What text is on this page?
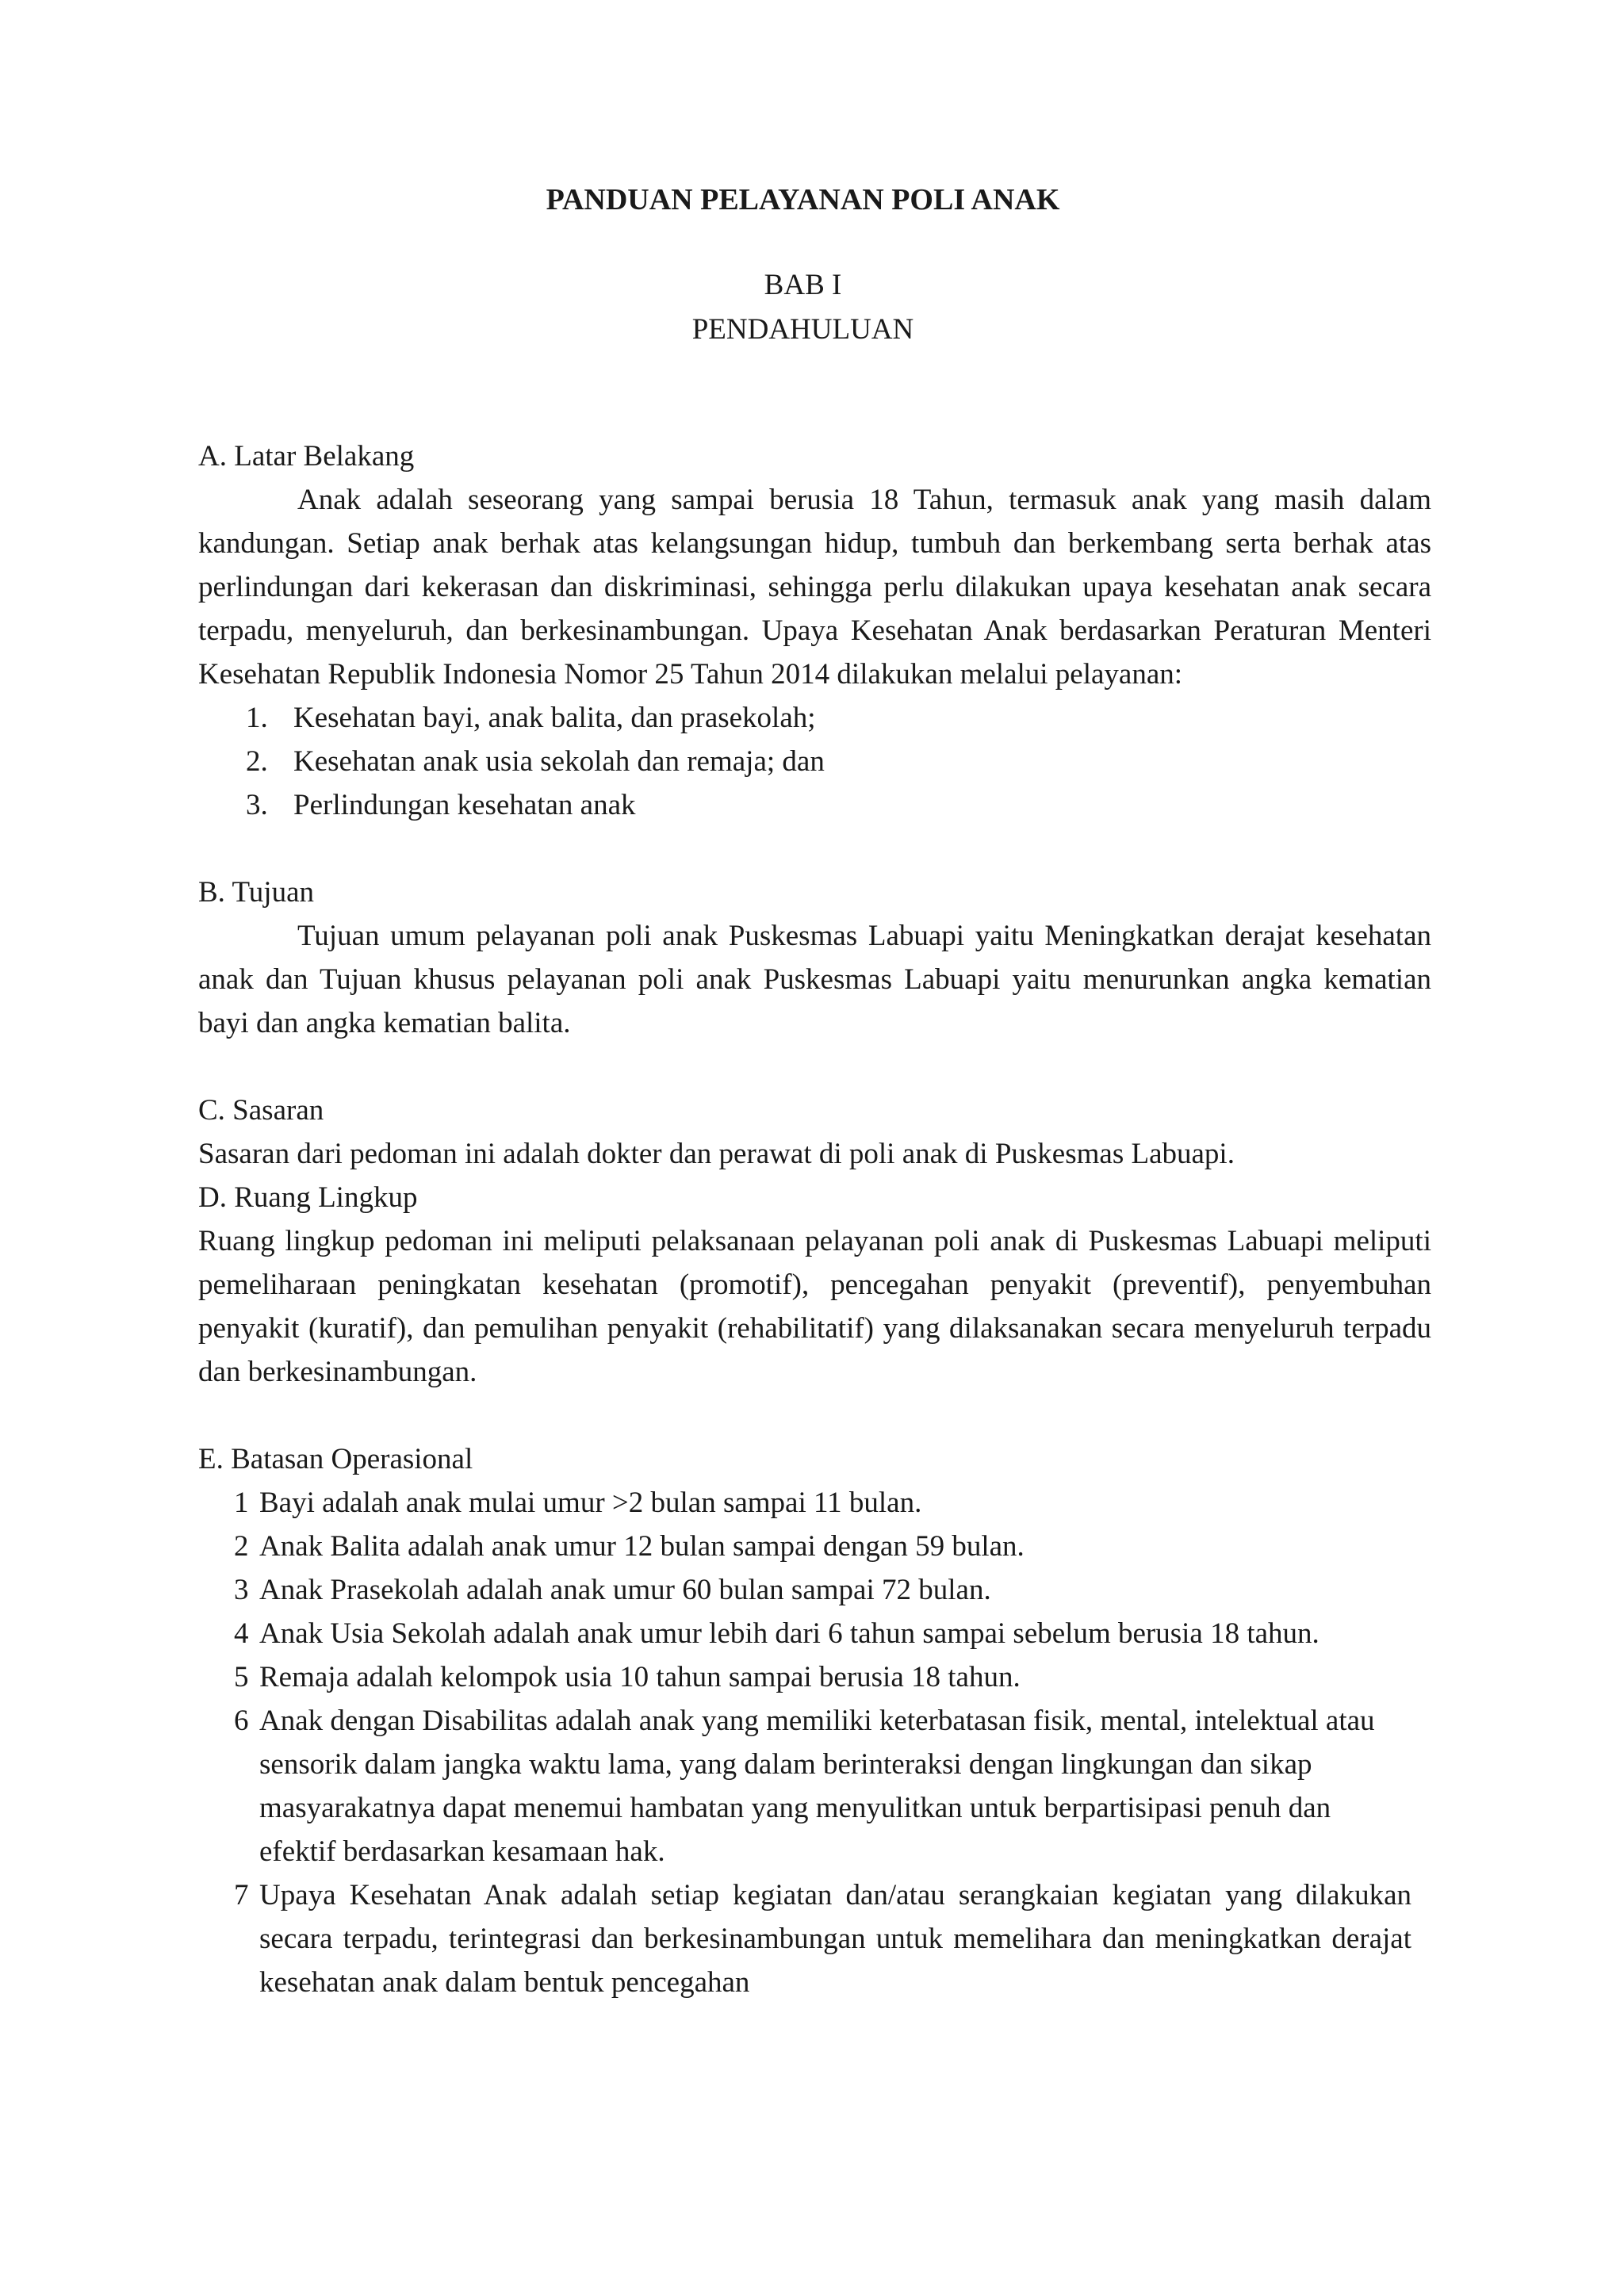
PANDUAN PELAYANAN POLI ANAK

BAB I
PENDAHULUAN

A. Latar Belakang

Anak adalah seseorang yang sampai berusia 18 Tahun, termasuk anak yang masih dalam kandungan. Setiap anak berhak atas kelangsungan hidup, tumbuh dan berkembang serta berhak atas perlindungan dari kekerasan dan diskriminasi, sehingga perlu dilakukan upaya kesehatan anak secara terpadu, menyeluruh, dan berkesinambungan. Upaya Kesehatan Anak berdasarkan Peraturan Menteri Kesehatan Republik Indonesia Nomor 25 Tahun 2014 dilakukan melalui pelayanan:

1. Kesehatan bayi, anak balita, dan prasekolah;
2. Kesehatan anak usia sekolah dan remaja; dan
3. Perlindungan kesehatan anak

B. Tujuan

Tujuan umum pelayanan poli anak Puskesmas Labuapi yaitu Meningkatkan derajat kesehatan anak dan Tujuan khusus pelayanan poli anak Puskesmas Labuapi yaitu menurunkan angka kematian bayi dan angka kematian balita.

C. Sasaran

Sasaran dari pedoman ini adalah dokter dan perawat di poli anak di Puskesmas Labuapi.

D. Ruang Lingkup

Ruang lingkup pedoman ini meliputi pelaksanaan pelayanan poli anak di Puskesmas Labuapi meliputi pemeliharaan peningkatan kesehatan (promotif), pencegahan penyakit (preventif), penyembuhan penyakit (kuratif), dan pemulihan penyakit (rehabilitatif) yang dilaksanakan secara menyeluruh terpadu dan berkesinambungan.

E. Batasan Operasional

1 Bayi adalah anak mulai umur >2 bulan sampai 11 bulan.
2 Anak Balita adalah anak umur 12 bulan sampai dengan 59 bulan.
3 Anak Prasekolah adalah anak umur 60 bulan sampai 72 bulan.
4 Anak Usia Sekolah adalah anak umur lebih dari 6 tahun sampai sebelum berusia 18 tahun.
5 Remaja adalah kelompok usia 10 tahun sampai berusia 18 tahun.
6 Anak dengan Disabilitas adalah anak yang memiliki keterbatasan fisik, mental, intelektual atau sensorik dalam jangka waktu lama, yang dalam berinteraksi dengan lingkungan dan sikap masyarakatnya dapat menemui hambatan yang menyulitkan untuk berpartisipasi penuh dan efektif berdasarkan kesamaan hak.
7 Upaya Kesehatan Anak adalah setiap kegiatan dan/atau serangkaian kegiatan yang dilakukan secara terpadu, terintegrasi dan berkesinambungan untuk memelihara dan meningkatkan derajat kesehatan anak dalam bentuk pencegahan
